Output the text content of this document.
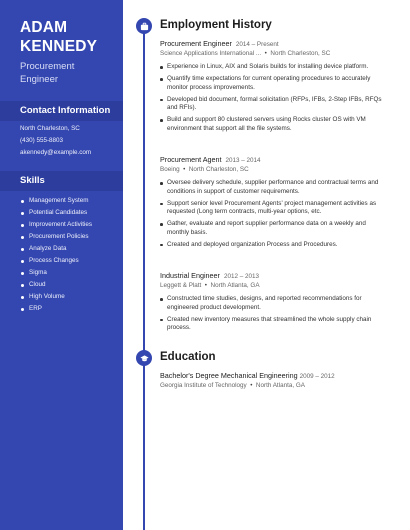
ADAM
KENNEDY
Procurement
Engineer
Contact Information
North Charleston, SC
(430) 555-8803
akennedy@example.com
Skills
Management System
Potential Candidates
Improvement Activities
Procurement Policies
Analyze Data
Process Changes
Sigma
Cloud
High Volume
ERP
Employment History
Procurement Engineer 2014 – Present
Science Applications International ...  •  North Charleston, SC
Experience in Linux, AIX and Solaris builds for installing device platform.
Quantify time expectations for current operating procedures to accurately monitor process improvements.
Developed bid document, formal solicitation (RFPs, IFBs, 2-Step IFBs, RFQs and RFIs).
Build and support 80 clustered servers using Rocks cluster OS with VM environment that support all the file systems.
Procurement Agent 2013 – 2014
Boeing  •  North Charleston, SC
Oversee delivery schedule, supplier performance and contractual terms and conditions in support of customer requirements.
Support senior level Procurement Agents' project management activities as requested (Long term contracts, multi-year options, etc.
Gather, evaluate and report supplier performance data on a weekly and monthly basis.
Created and deployed organization Process and Procedures.
Industrial Engineer 2012 – 2013
Leggett & Platt  •  North Atlanta, GA
Constructed time studies, designs, and reported recommendations for engineered product development.
Created new inventory measures that streamlined the whole supply chain process.
Education
Bachelor's Degree Mechanical Engineering 2009 – 2012
Georgia Institute of Technology  •  North Atlanta, GA
